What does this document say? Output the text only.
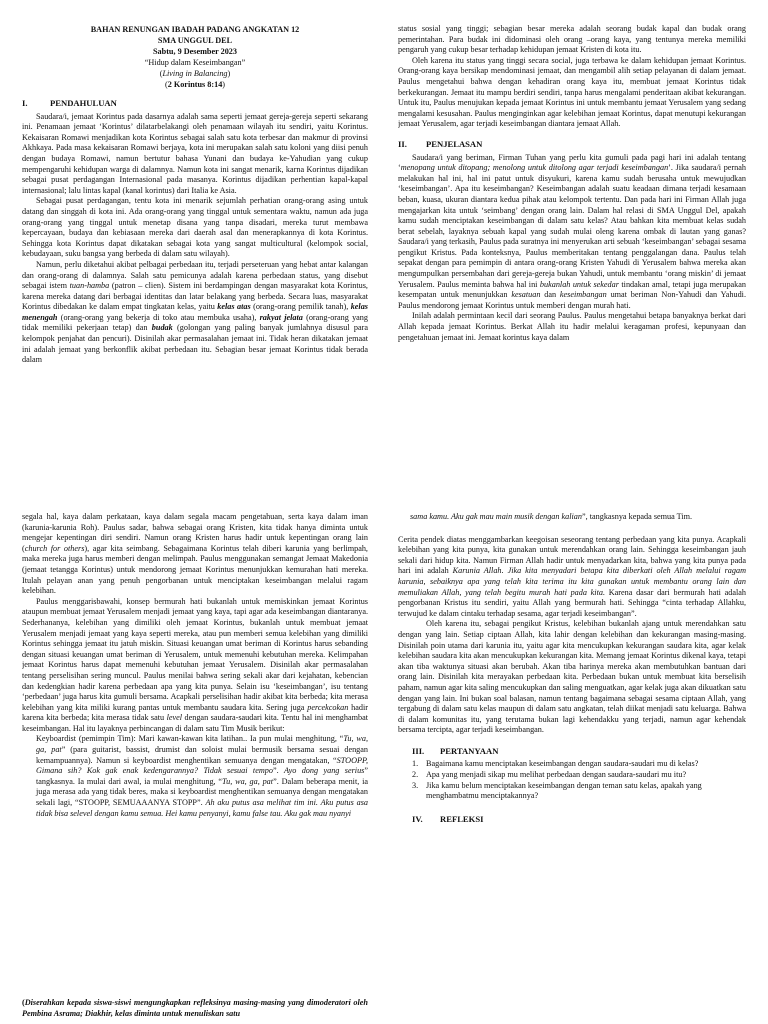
BAHAN RENUNGAN IBADAH PADANG ANGKATAN 12
SMA UNGGUL DEL
Sabtu, 9 Desember 2023
“Hidup dalam Keseimbangan”
(Living in Balancing)
(2 Korintus 8:14)
I.	PENDAHULUAN

Saudara/i, jemaat Korintus pada dasarnya adalah sama seperti jemaat gereja-gereja seperti sekarang ini. Penamaan jemaat ‘Korintus’ dilatarbelakangi oleh penamaan wilayah itu sendiri, yaitu Korintus. Kekaisaran Romawi menjadikan kota Korintus sebagai salah satu kota terbesar dan makmur di provinsi Akhkaya. Pada masa kekaisaran Romawi berjaya, kota ini merupakan salah satu koloni yang diisi penuh dengan budaya Romawi, namun bertutur bahasa Yunani dan budaya ke-Yahudian yang cukup mempengaruhi kehidupan warga di dalamnya. Namun kota ini sangat menarik, karna Korintus dijadikan sebagai pusat perdagangan Internasional pada masanya. Korintus dijadikan perhentian kapal-kapal internasional; lalu lintas kapal (kanal korintus) dari Italia ke Asia.

Sebagai pusat perdagangan, tentu kota ini menarik sejumlah perhatian orang-orang asing untuk datang dan singgah di kota ini. Ada orang-orang yang tinggal untuk sementara waktu, namun ada juga orang-orang yang tinggal untuk menetap disana yang tanpa disadari, mereka turut membawa kepercayaan, budaya dan kebiasaan mereka dari daerah asal dan menerapkannya di kota Korintus. Sehingga kota Korintus dapat dikatakan sebagai kota yang sangat multicultural (kelompok social, kebudayaan, suku bangsa yang berbeda di dalam satu wilayah).

Namun, perlu diketahui akibat pelbagai perbedaan itu, terjadi perseteruan yang hebat antar kalangan dan orang-orang di dalamnya. Salah satu pemicunya adalah karena perbedaan status, yang disebut sebagai istem tuan-hamba (patron – clien). Sistem ini berdampingan dengan masyarakat kota Korintus, karena mereka datang dari berbagai identitas dan latar belakang yang berbeda. Secara luas, masyarakat Korintus dibedakan ke dalam empat tingkatan kelas, yaitu kelas atas (orang-orang pemilik tanah), kelas menengah (orang-orang yang bekerja di toko atau membuka usaha), rakyat jelata (orang-orang yang tidak memiliki pekerjaan tetap) dan budak (golongan yang paling banyak jumlahnya disusul para kelompok penjahat dan pencuri). Disinilah akar permasalahan jemaat ini. Tidak heran dikatakan jemaat ini adalah jemaat yang berkonflik akibat perbedaan itu. Sebagian besar jemaat Korintus tidak berada dalam

status sosial yang tinggi; sebagian besar mereka adalah seorang budak kapal dan budak orang pemerintahan. Para budak ini didominasi oleh orang –orang kaya, yang tentunya mereka memiliki pengaruh yang cukup besar terhadap kehidupan jemaat Kristen di kota itu.

Oleh karena itu status yang tinggi secara social, juga terbawa ke dalam kehidupan jemaat Korintus. Orang-orang kaya bersikap mendominasi jemaat, dan mengambil alih setiap pelayanan di dalam jemaat. Paulus mengetahui bahwa dengan kehadiran orang kaya itu, membuat jemaat Korintus tidak berkekurangan. Jemaat itu mampu berdiri sendiri, tanpa harus mengalami penderitaan akibat kekurangan. Untuk itu, Paulus menujukan kepada jemaat Korintus ini untuk membantu jemaat Yerusalem yang sedang mengalami kesusahan. Paulus menginginkan agar kelebihan jemaat Korintus, dapat menutupi kekurangan jemaat Yerusalem, agar terjadi keseimbangan diantara jemaat Allah.

II.	PENJELASAN

Saudara/i yang beriman, Firman Tuhan yang perlu kita gumuli pada pagi hari ini adalah tentang ‘menopang untuk ditopang; menolong untuk ditolong agar terjadi keseimbangan’. Jika saudara/i pernah melakukan hal ini, hal ini patut untuk disyukuri, karena kamu sudah berusaha untuk mewujudkan ‘keseimbangan’. Apa itu keseimbangan? Keseimbangan adalah suatu keadaan dimana terjadi kesamaan beban, kuasa, ukuran diantara kedua pihak atau kelompok tertentu. Dan pada hari ini Firman Allah juga mengajarkan kita untuk ‘seimbang’ dengan orang lain. Dalam hal relasi di SMA Unggul Del, apakah kamu sudah menciptakan keseimbangan di dalam satu kelas? Atau bahkan kita membuat kelas sudah berat sebelah, layaknya sebuah kapal yang sudah mulai oleng karena ombak di lautan yang ganas? Saudara/i yang terkasih, Paulus pada suratnya ini menyerukan arti sebuah ‘keseimbangan’ sebagai sesama pengikut Kristus. Pada konteksnya, Paulus memberitakan tentang penggalangan dana. Paulus telah sepakat dengan para pemimpin di antara orang-orang Kristen Yahudi di Yerusalem bahwa mereka akan mengumpulkan persembahan dari gereja-gereja bukan Yahudi, untuk membantu ‘orang miskin’ di jemaat Yerusalem. Paulus meminta bahwa hal ini bukanlah untuk sekedar tindakan amal, tetapi juga merupakan kesempatan untuk menunjukkan kesatuan dan keseimbangan umat beriman Non-Yahudi dan Yahudi. Paulus mendorong jemaat Korintus untuk memberi dengan murah hati.

Inilah adalah permintaan kecil dari seorang Paulus. Paulus mengetahui betapa banyaknya berkat dari Allah kepada jemaat Korintus. Berkat Allah itu hadir melalui keragaman profesi, kepunyaan dan pengetahuan jemaat ini. Jemaat korintus kaya dalam

segala hal, kaya dalam perkataan, kaya dalam segala macam pengetahuan, serta kaya dalam iman (karunia-karunia Roh). Paulus sadar, bahwa sebagai orang Kristen, kita tidak hanya diminta untuk mengejar kepentingan diri sendiri. Namun orang Kristen harus hadir untuk kepentingan orang lain (church for others), agar kita seimbang. Sebagaimana Korintus telah diberi karunia yang berlimpah, maka mereka juga harus memberi dengan melimpah. Paulus menggunakan semangat Jemaat Makedonia (jemaat tetangga Korintus) untuk mendorong jemaat Korintus menunjukkan kemurahan hati mereka. Itulah pelayan anan yang penuh pengorbanan untuk menciptakan keseimbangan melalui ragam kelebihan.

Paulus menggarisbawahi, konsep bermurah hati bukanlah untuk memiskinkan jemaat Korintus ataupun membuat jemaat Yerusalem menjadi jemaat yang kaya, tapi agar ada keseimbangan diantaranya. Sederhananya, kelebihan yang dimiliki oleh jemaat Korintus, bukanlah untuk membuat jemaat Yerusalem menjadi jemaat yang kaya seperti mereka, atau pun memberi semua kelebihan yang dimiliki Korintus sehingga jemaat itu jatuh miskin. Situasi keuangan umat beriman di Korintus harus sebanding dengan situasi keuangan umat beriman di Yerusalem, untuk memenuhi kebutuhan mereka. Kelimpahan jemaat Korintus harus dapat memenuhi kebutuhan jemaat Yerusalem. Disinilah akar permasalahan tentang perselisihan sering muncul. Paulus menilai bahwa sering sekali akar dari kejahatan, kebencian dan kedengkian hadir karena perbedaan apa yang kita punya. Selain isu ‘keseimbangan’, isu tentang ‘perbedaan’ juga harus kita gumuli bersama. Acapkali perselisihan hadir akibat kita berbeda; kita merasa kelebihan yang kita miliki kurang pantas untuk membantu saudara kita. Sering juga percekcokan hadir karena kita berbeda; kita merasa tidak satu level dengan saudara-saudari kita. Tentu hal ini menghambat keseimbangan. Hal itu layaknya perbincangan di dalam satu Tim Musik berikut:

Keyboardist (pemimpin Tim): Mari kawan-kawan kita latihan.. Ia pun mulai menghitung, “Tu, wa, ga, pat” (para guitarist, bassist, drumist dan soloist mulai bermusik bersama sesuai dengan kemampuannya). Namun si keyboardist menghentikan semuanya dengan mengatakan, “STOOPP, Gimana sih? Kok gak enak kedengarannya? Tidak sesuai tempo”. Ayo dong yang serius” tangkasnya. Ia mulai dari awal, ia mulai menghitung, “Tu, wa, ga, pat”. Dalam beberapa menit, ia juga merasa ada yang tidak beres, maka si keyboardist menghentikan semuanya dengan mengatakan sekali lagi, “STOOPP, SEMUAAANYA STOPP”. Ah aku putus asa melihat tim ini. Aku putus asa tidak bisa selevel dengan kamu semua. Hei kamu penyanyi, kamu false tau. Aku gak mau nyanyi

(Diserahkan kepada siswa-siswi mengungkapkan refleksinya masing-masing yang dimoderatori oleh Pembina Asrama; Diakhir, kelas diminta untuk menuliskan satu

sama kamu. Aku gak mau main musik dengan kalian”, tangkasnya kepada semua Tim.

Cerita pendek diatas menggambarkan keegoisan seseorang tentang perbedaan yang kita punya. Acapkali kelebihan yang kita punya, kita gunakan untuk merendahkan orang lain. Sehingga keseimbangan jauh sekali dari hidup kita. Namun Firman Allah hadir untuk menyadarkan kita, bahwa yang kita punya pada hari ini adalah Karunia Allah. Jika kita menyadari betapa kita diberkati oleh Allah melalui ragam karunia, sebaiknya apa yang telah kita terima itu kita gunakan untuk membantu orang lain dan memuliakan Allah, yang telah begitu murah hati pada kita. Karena dasar dari bermurah hati adalah pengorbanan Kristus itu sendiri, yaitu Allah yang bermurah hati. Sehingga “cinta terhadap Allahku, terwujud ke dalam cintaku terhadap sesama, agar terjadi keseimbangan”.

Oleh karena itu, sebagai pengikut Kristus, kelebihan bukanlah ajang untuk merendahkan satu dengan yang lain. Setiap ciptaan Allah, kita lahir dengan kelebihan dan kekurangan masing-masing. Disinilah poin utama dari karunia itu, yaitu agar kita mencukupkan kekurangan saudara kita, agar kelak kelebihan saudara kita akan mencukupkan kekurangan kita. Memang jemaat Korintus dikenal kaya, tetapi akan tiba waktunya situasi akan berubah. Akan tiba harinya mereka akan membutuhkan bantuan dari orang lain. Disinilah kita merayakan perbedaan kita. Perbedaan bukan untuk membuat kita berselisih paham, namun agar kita saling mencukupkan dan saling menguatkan, agar kelak juga akan dikuatkan satu dengan yang lain. Ini bukan soal balasan, namun tentang bagaimana sebagai sesama ciptaan Allah, yang tergabung di dalam satu kelas maupun di dalam satu angkatan, telah diikat menjadi satu keluarga. Bahwa di dalam komunitas itu, yang terutama bukan lagi kehendakku yang terjadi, namun agar kehendak bersama tercipta, agar terjadi keseimbangan.

III.	PERTANYAAN
1. Bagaimana kamu menciptakan keseimbangan dengan saudara-saudari mu di kelas?
2. Apa yang menjadi sikap mu melihat perbedaan dengan saudara-saudari mu itu?
3. Jika kamu belum menciptakan keseimbangan dengan teman satu kelas, apakah yang menghambatmu menciptakannya?
IV.	REFLEKSI
